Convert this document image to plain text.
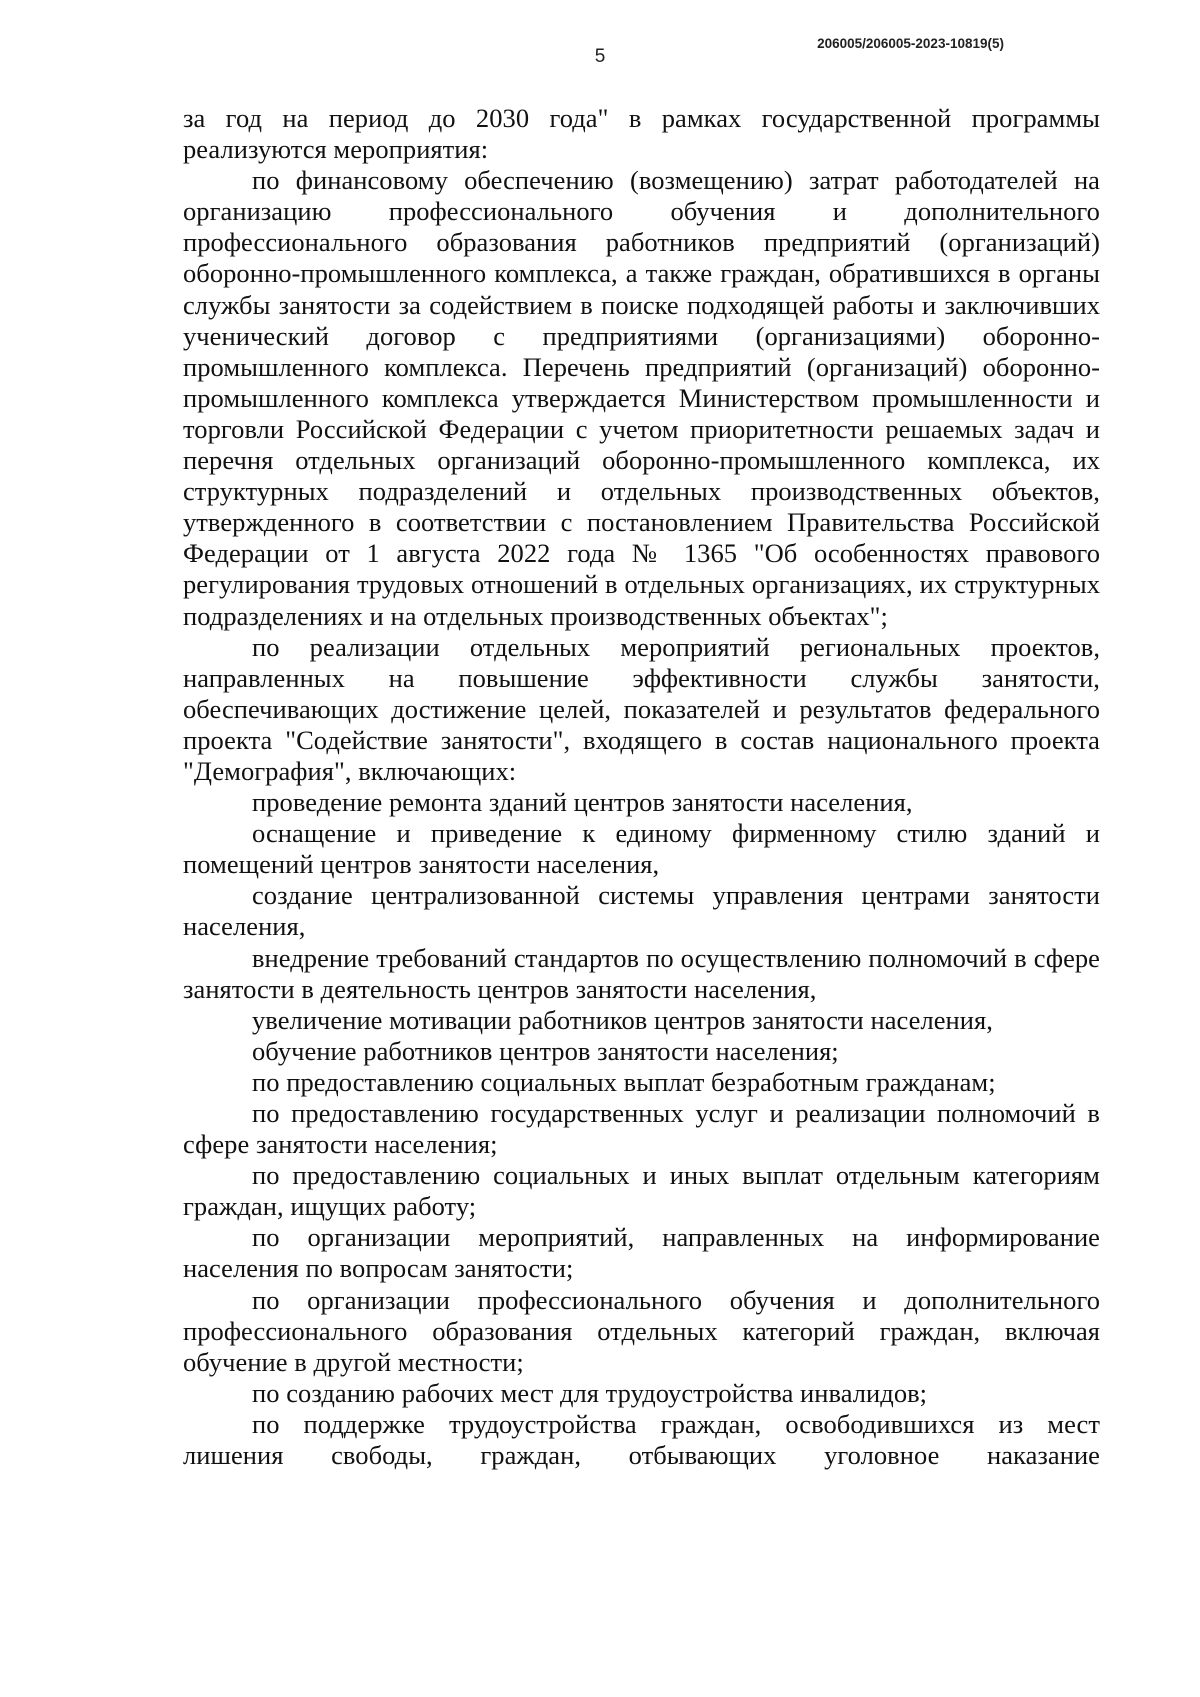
206005/206005-2023-10819(5)
5

за год на период до 2030 года" в рамках государственной программы реализуются мероприятия:

по финансовому обеспечению (возмещению) затрат работодателей на организацию профессионального обучения и дополнительного профессионального образования работников предприятий (организаций) оборонно-промышленного комплекса, а также граждан, обратившихся в органы службы занятости за содействием в поиске подходящей работы и заключивших ученический договор с предприятиями (организациями) оборонно-промышленного комплекса. Перечень предприятий (организаций) оборонно-промышленного комплекса утверждается Министерством промышленности и торговли Российской Федерации с учетом приоритетности решаемых задач и перечня отдельных организаций оборонно-промышленного комплекса, их структурных подразделений и отдельных производственных объектов, утвержденного в соответствии с постановлением Правительства Российской Федерации от 1 августа 2022 года № 1365 "Об особенностях правового регулирования трудовых отношений в отдельных организациях, их структурных подразделениях и на отдельных производственных объектах";

по реализации отдельных мероприятий региональных проектов, направленных на повышение эффективности службы занятости, обеспечивающих достижение целей, показателей и результатов федерального проекта "Содействие занятости", входящего в состав национального проекта "Демография", включающих:

проведение ремонта зданий центров занятости населения,

оснащение и приведение к единому фирменному стилю зданий и помещений центров занятости населения,

создание централизованной системы управления центрами занятости населения,

внедрение требований стандартов по осуществлению полномочий в сфере занятости в деятельность центров занятости населения,

увеличение мотивации работников центров занятости населения,

обучение работников центров занятости населения;

по предоставлению социальных выплат безработным гражданам;

по предоставлению государственных услуг и реализации полномочий в сфере занятости населения;

по предоставлению социальных и иных выплат отдельным категориям граждан, ищущих работу;

по организации мероприятий, направленных на информирование населения по вопросам занятости;

по организации профессионального обучения и дополнительного профессионального образования отдельных категорий граждан, включая обучение в другой местности;

по созданию рабочих мест для трудоустройства инвалидов;

по поддержке трудоустройства граждан, освободившихся из мест лишения свободы, граждан, отбывающих уголовное наказание
